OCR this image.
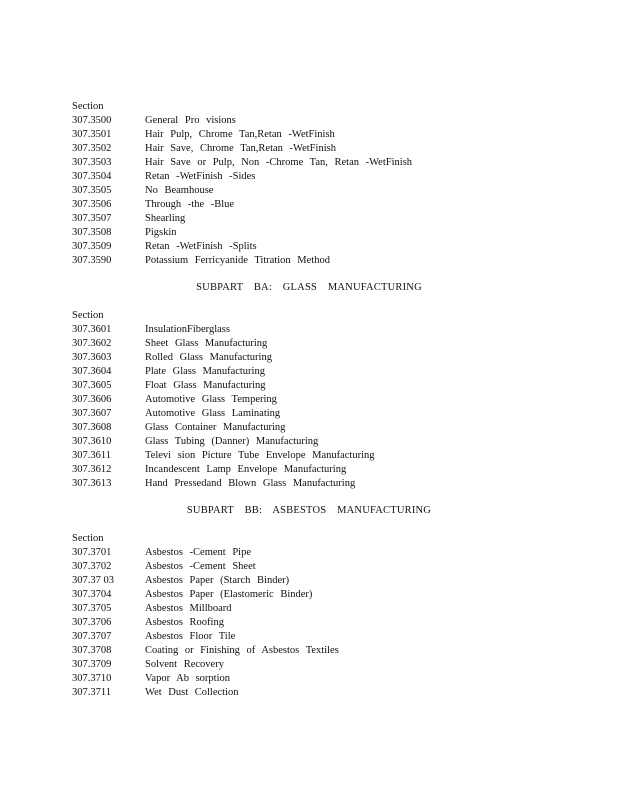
Section
307.3500	General Pro visions
307.3501	Hair Pulp, Chrome Tan,Retan -WetFinish
307.3502	Hair Save, Chrome Tan,Retan -WetFinish
307.3503	Hair Save or Pulp, Non -Chrome Tan, Retan -WetFinish
307.3504	Retan -WetFinish -Sides
307.3505	No Beamhouse
307.3506	Through -the -Blue
307.3507	Shearling
307.3508	Pigskin
307.3509	Retan -WetFinish -Splits
307.3590	Potassium Ferricyanide Titration Method
SUBPART BA: GLASS MANUFACTURING
Section
307.3601	InsulationFiberglass
307.3602	Sheet Glass Manufacturing
307.3603	Rolled Glass Manufacturing
307.3604	Plate Glass Manufacturing
307.3605	Float Glass Manufacturing
307.3606	Automotive Glass Tempering
307.3607	Automotive Glass Laminating
307.3608	Glass Container Manufacturing
307.3610	Glass Tubing (Danner) Manufacturing
307.3611	Televi sion Picture Tube Envelope Manufacturing
307.3612	Incandescent Lamp Envelope Manufacturing
307.3613	Hand Pressedand Blown Glass Manufacturing
SUBPART BB: ASBESTOS MANUFACTURING
Section
307.3701	Asbestos -Cement Pipe
307.3702	Asbestos -Cement Sheet
307.37 03	Asbestos Paper (Starch Binder)
307.3704	Asbestos Paper (Elastomeric Binder)
307.3705	Asbestos Millboard
307.3706	Asbestos Roofing
307.3707	Asbestos Floor Tile
307.3708	Coating or Finishing of Asbestos Textiles
307.3709	Solvent Recovery
307.3710	Vapor Ab sorption
307.3711	Wet Dust Collection
